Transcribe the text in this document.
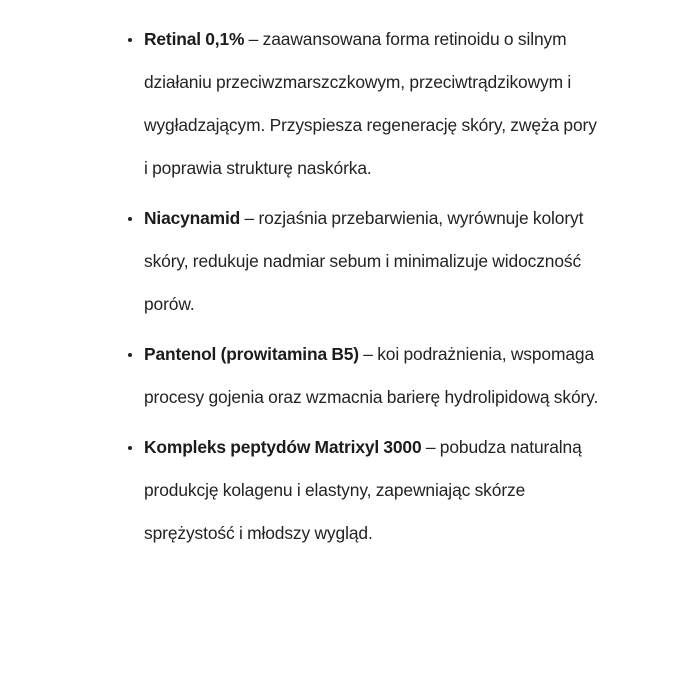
Retinal 0,1% – zaawansowana forma retinoidu o silnym działaniu przeciwzmarszczkowym, przeciwtrądzikowym i wygładzającym. Przyspiesza regenerację skóry, zwęża pory i poprawia strukturę naskórka.
Niacynamid – rozjaśnia przebarwienia, wyrównuje koloryt skóry, redukuje nadmiar sebum i minimalizuje widoczność porów.
Pantenol (prowitamina B5) – koi podrażnienia, wspomaga procesy gojenia oraz wzmacnia barierę hydrolipidową skóry.
Kompleks peptydów Matrixyl 3000 – pobudza naturalną produkcję kolagenu i elastyny, zapewniając skórze sprężystość i młodszy wygląd.
